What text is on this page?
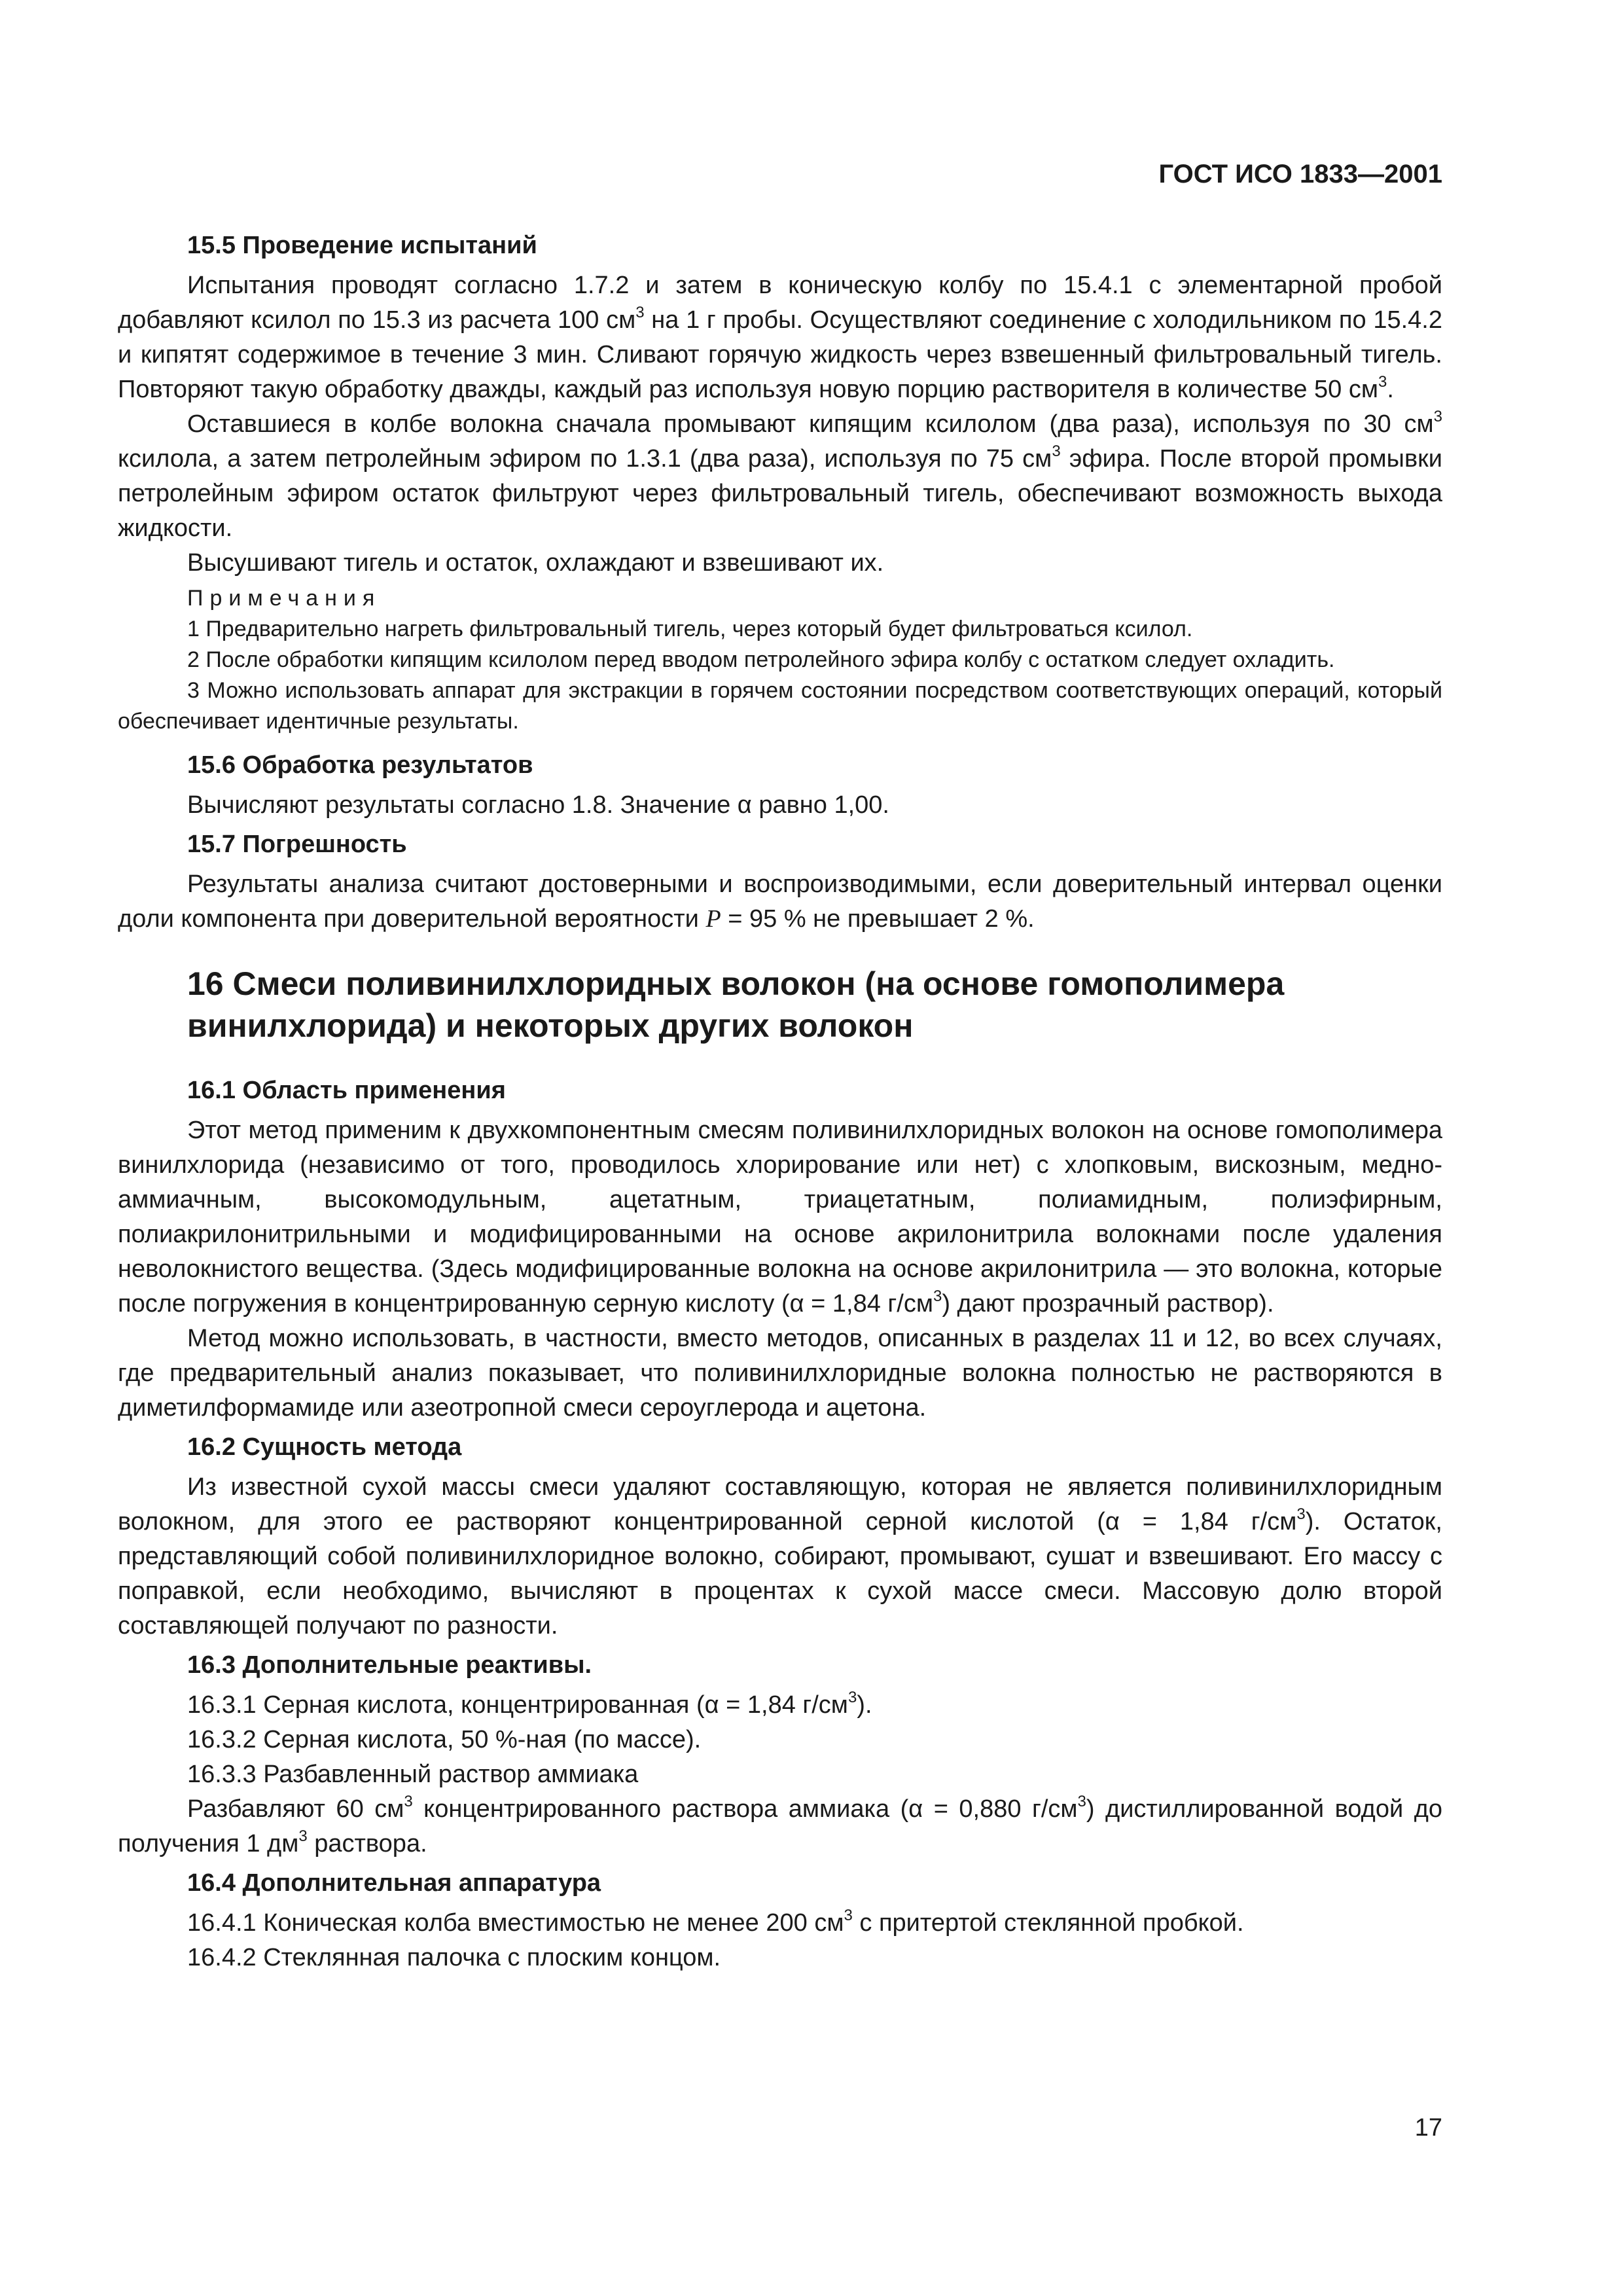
ГОСТ ИСО 1833—2001
15.5 Проведение испытаний

Испытания проводят согласно 1.7.2 и затем в коническую колбу по 15.4.1 с элементарной пробой добавляют ксилол по 15.3 из расчета 100 $см^3$ на 1 г пробы. Осуществляют соединение с холодильником по 15.4.2 и кипятят содержимое в течение 3 мин. Сливают горячую жидкость через взвешенный фильтровальный тигель. Повторяют такую обработку дважды, каждый раз используя новую порцию растворителя в количестве 50 $см^3$.

Оставшиеся в колбе волокна сначала промывают кипящим ксилолом (два раза), используя по 30 $см^3$ ксилола, а затем петролейным эфиром по 1.3.1 (два раза), используя по 75 $см^3$ эфира. После второй промывки петролейным эфиром остаток фильтруют через фильтровальный тигель, обеспечивают возможность выхода жидкости.

Высушивают тигель и остаток, охлаждают и взвешивают их.

Примечания

1 Предварительно нагреть фильтровальный тигель, через который будет фильтроваться ксилол.

2 После обработки кипящим ксилолом перед вводом петролейного эфира колбу с остатком следует охладить.

3 Можно использовать аппарат для экстракции в горячем состоянии посредством соответствующих операций, который обеспечивает идентичные результаты.

15.6 Обработка результатов

Вычисляют результаты согласно 1.8. Значение α равно 1,00.

15.7 Погрешность

Результаты анализа считают достоверными и воспроизводимыми, если доверительный интервал оценки доли компонента при доверительной вероятности P = 95 % не превышает 2 %.

16 Смеси поливинилхлоридных волокон (на основе гомополимера винилхлорида) и некоторых других волокон
16.1 Область применения

Этот метод применим к двухкомпонентным смесям поливинилхлоридных волокон на основе гомополимера винилхлорида (независимо от того, проводилось хлорирование или нет) с хлопковым, вискозным, медно-аммиачным, высокомодульным, ацетатным, триацетатным, полиамидным, полиэфирным, полиакрилонитрильными и модифицированными на основе акрилонитрила волокнами после удаления неволокнистого вещества. (Здесь модифицированные волокна на основе акрилонитрила — это волокна, которые после погружения в концентрированную серную кислоту (α = 1,84 $г/см^3$) дают прозрачный раствор).

Метод можно использовать, в частности, вместо методов, описанных в разделах 11 и 12, во всех случаях, где предварительный анализ показывает, что поливинилхлоридные волокна полностью не растворяются в диметилформамиде или азеотропной смеси сероуглерода и ацетона.

16.2 Сущность метода

Из известной сухой массы смеси удаляют составляющую, которая не является поливинилхлоридным волокном, для этого ее растворяют концентрированной серной кислотой (α = 1,84 $г/см^3$). Остаток, представляющий собой поливинилхлоридное волокно, собирают, промывают, сушат и взвешивают. Его массу с поправкой, если необходимо, вычисляют в процентах к сухой массе смеси. Массовую долю второй составляющей получают по разности.

16.3 Дополнительные реактивы.

16.3.1 Серная кислота, концентрированная (α = 1,84 $г/см^3$).

16.3.2 Серная кислота, 50 %-ная (по массе).

16.3.3 Разбавленный раствор аммиака

Разбавляют 60 $см^3$ концентрированного раствора аммиака (α = 0,880 $г/см^3$) дистиллированной водой до получения 1 $дм^3$ раствора.

16.4 Дополнительная аппаратура

16.4.1 Коническая колба вместимостью не менее 200 $см^3$ с притертой стеклянной пробкой.

16.4.2 Стеклянная палочка с плоским концом.

17
